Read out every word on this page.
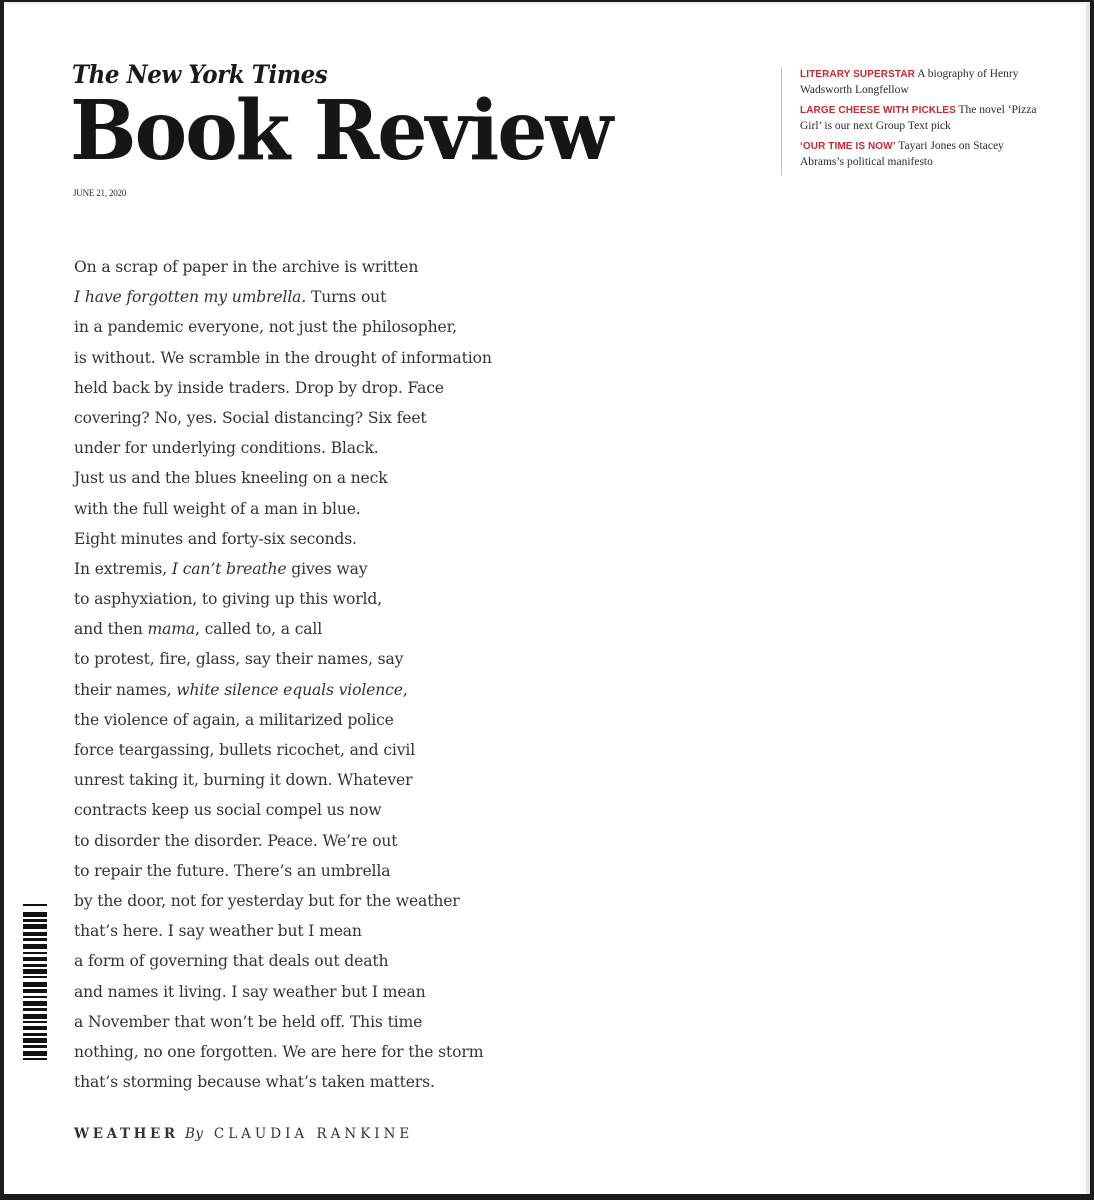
The New York Times
Book Review
JUNE 21, 2020
LITERARY SUPERSTAR A biography of Henry Wadsworth Longfellow
LARGE CHEESE WITH PICKLES The novel ‘Pizza Girl’ is our next Group Text pick
‘OUR TIME IS NOW’ Tayari Jones on Stacey Abrams’s political manifesto
On a scrap of paper in the archive is written
I have forgotten my umbrella. Turns out
in a pandemic everyone, not just the philosopher,
is without. We scramble in the drought of information
held back by inside traders. Drop by drop. Face
covering? No, yes. Social distancing? Six feet
under for underlying conditions. Black.
Just us and the blues kneeling on a neck
with the full weight of a man in blue.
Eight minutes and forty-six seconds.
In extremis, I can’t breathe gives way
to asphyxiation, to giving up this world,
and then mama, called to, a call
to protest, fire, glass, say their names, say
their names, white silence equals violence,
the violence of again, a militarized police
force teargassing, bullets ricochet, and civil
unrest taking it, burning it down. Whatever
contracts keep us social compel us now
to disorder the disorder. Peace. We’re out
to repair the future. There’s an umbrella
by the door, not for yesterday but for the weather
that’s here. I say weather but I mean
a form of governing that deals out death
and names it living. I say weather but I mean
a November that won’t be held off. This time
nothing, no one forgotten. We are here for the storm
that’s storming because what’s taken matters.
WEATHER By CLAUDIA RANKINE
